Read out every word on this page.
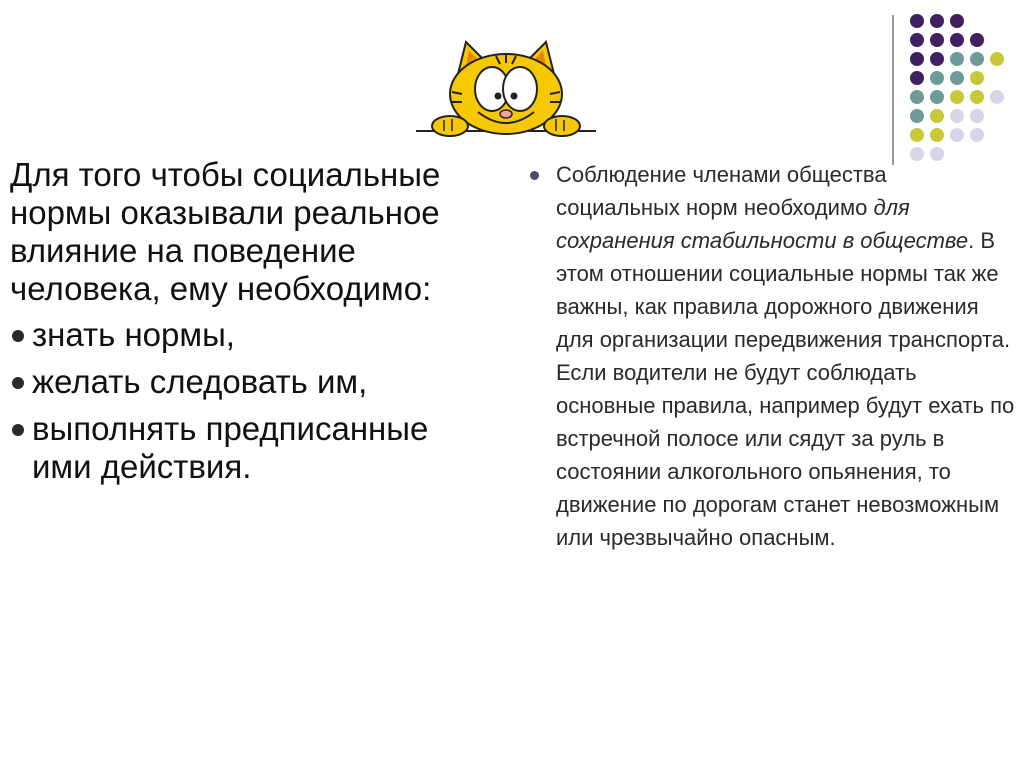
Для того чтобы социальные нормы оказывали реальное влияние на поведение человека, ему необходимо:

знать нормы,
желать следовать им,
выполнять предписанные ими действия.

Соблюдение членами общества социальных норм необходимо для сохранения стабильности в обществе. В этом отношении социальные нормы так же важны, как правила дорожного движения для организации передвижения транспорта. Если водители не будут соблюдать основные правила, например будут ехать по встречной полосе или сядут за руль в состоянии алкогольного опьянения, то движение по дорогам станет невозможным или чрезвычайно опасным.
